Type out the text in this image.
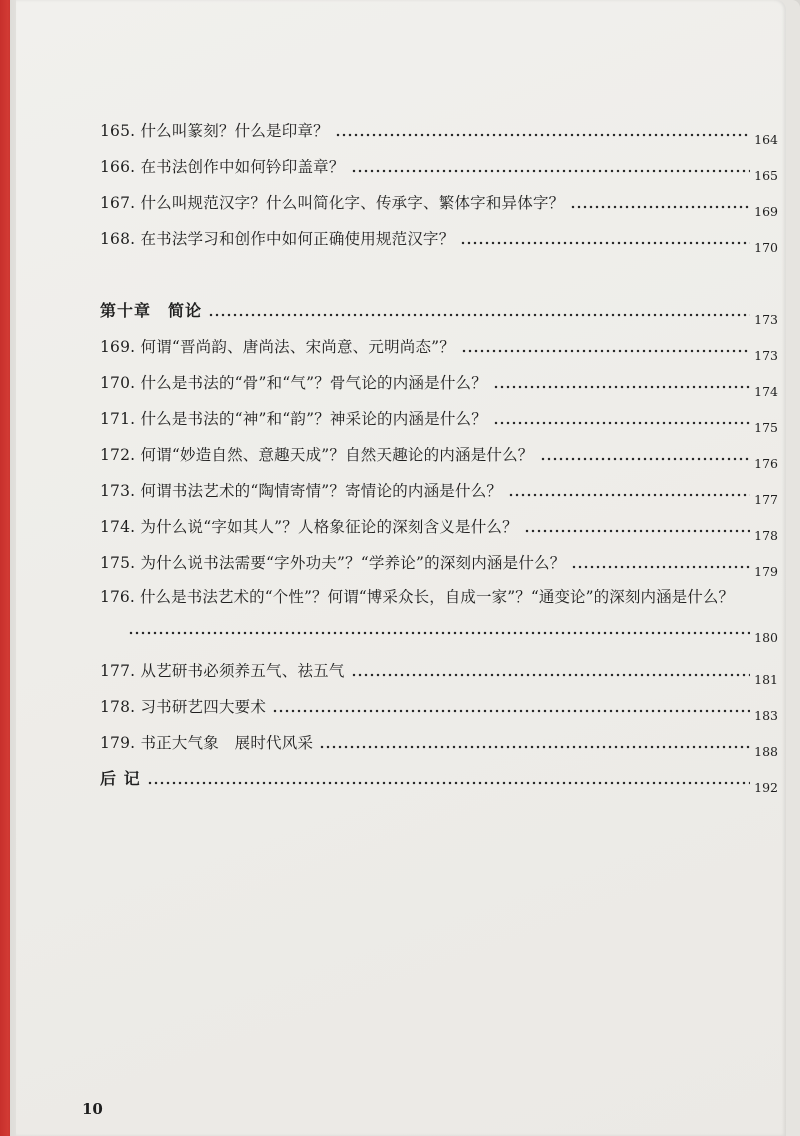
165. 什么叫篆刻？什么是印章？	164
166. 在书法创作中如何钤印盖章？	165
167. 什么叫规范汉字？什么叫简化字、传承字、繁体字和异体字？	169
168. 在书法学习和创作中如何正确使用规范汉字？	170
第十章　简论	173
169. 何谓“晋尚韵、唐尚法、宋尚意、元明尚态”？	173
170. 什么是书法的“骨”和“气”？骨气论的内涵是什么？	174
171. 什么是书法的“神”和“韵”？神采论的内涵是什么？	175
172. 何谓“妙造自然、意趣天成”？自然天趣论的内涵是什么？	176
173. 何谓书法艺术的“陶情寄情”？寄情论的内涵是什么？	177
174. 为什么说“字如其人”？人格象征论的深刻含义是什么？	178
175. 为什么说书法需要“字外功夫”？“学养论”的深刻内涵是什么？	179
176. 什么是书法艺术的“个性”？何谓“博采众长，自成一家”？“通变论”的深刻内涵是什么？
180
177. 从艺研书必须养五气、祛五气	181
178. 习书研艺四大要术	183
179. 书正大气象　展时代风采	188
后 记	192
10
